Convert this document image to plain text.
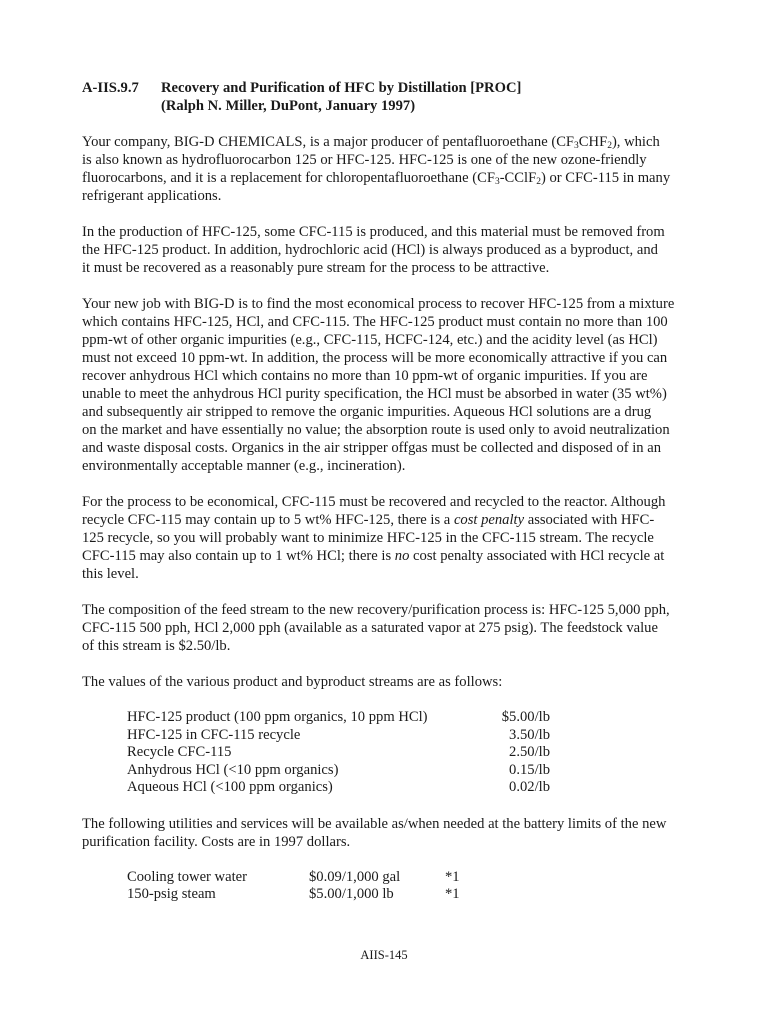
A-IIS.9.7	Recovery and Purification of HFC by Distillation [PROC]
(Ralph N. Miller, DuPont, January 1997)
Your company, BIG-D CHEMICALS, is a major producer of pentafluoroethane $(CF_3CHF_2)$, which
is also known as hydrofluorocarbon 125 or HFC-125. HFC-125 is one of the new ozone-friendly
fluorocarbons, and it is a replacement for chloropentafluoroethane $(CF_3-CClF_2)$ or CFC-115 in many
refrigerant applications.
In the production of HFC-125, some CFC-115 is produced, and this material must be removed from
the HFC-125 product. In addition, hydrochloric acid (HCl) is always produced as a byproduct, and
it must be recovered as a reasonably pure stream for the process to be attractive.
Your new job with BIG-D is to find the most economical process to recover HFC-125 from a mixture
which contains HFC-125, HCl, and CFC-115. The HFC-125 product must contain no more than 100
ppm-wt of other organic impurities (e.g., CFC-115, HCFC-124, etc.) and the acidity level (as HCl)
must not exceed 10 ppm-wt. In addition, the process will be more economically attractive if you can
recover anhydrous HCl which contains no more than 10 ppm-wt of organic impurities. If you are
unable to meet the anhydrous HCl purity specification, the HCl must be absorbed in water (35 wt%)
and subsequently air stripped to remove the organic impurities. Aqueous HCl solutions are a drug
on the market and have essentially no value; the absorption route is used only to avoid neutralization
and waste disposal costs. Organics in the air stripper offgas must be collected and disposed of in an
environmentally acceptable manner (e.g., incineration).
For the process to be economical, CFC-115 must be recovered and recycled to the reactor. Although
recycle CFC-115 may contain up to 5 wt% HFC-125, there is a cost penalty associated with HFC-
125 recycle, so you will probably want to minimize HFC-125 in the CFC-115 stream. The recycle
CFC-115 may also contain up to 1 wt% HCl; there is no cost penalty associated with HCl recycle at
this level.
The composition of the feed stream to the new recovery/purification process is: HFC-125 5,000 pph,
CFC-115 500 pph, HCl 2,000 pph (available as a saturated vapor at 275 psig). The feedstock value
of this stream is $2.50/lb.
The values of the various product and byproduct streams are as follows:
HFC-125 product (100 ppm organics, 10 ppm HCl)	$5.00/lb
HFC-125 in CFC-115 recycle	3.50/lb
Recycle CFC-115	2.50/lb
Anhydrous HCl (<10 ppm organics)	0.15/lb
Aqueous HCl (<100 ppm organics)	0.02/lb
The following utilities and services will be available as/when needed at the battery limits of the new
purification facility. Costs are in 1997 dollars.
Cooling tower water	$0.09/1,000 gal	*1
150-psig steam	$5.00/1,000 lb	*1
AIIS-145
